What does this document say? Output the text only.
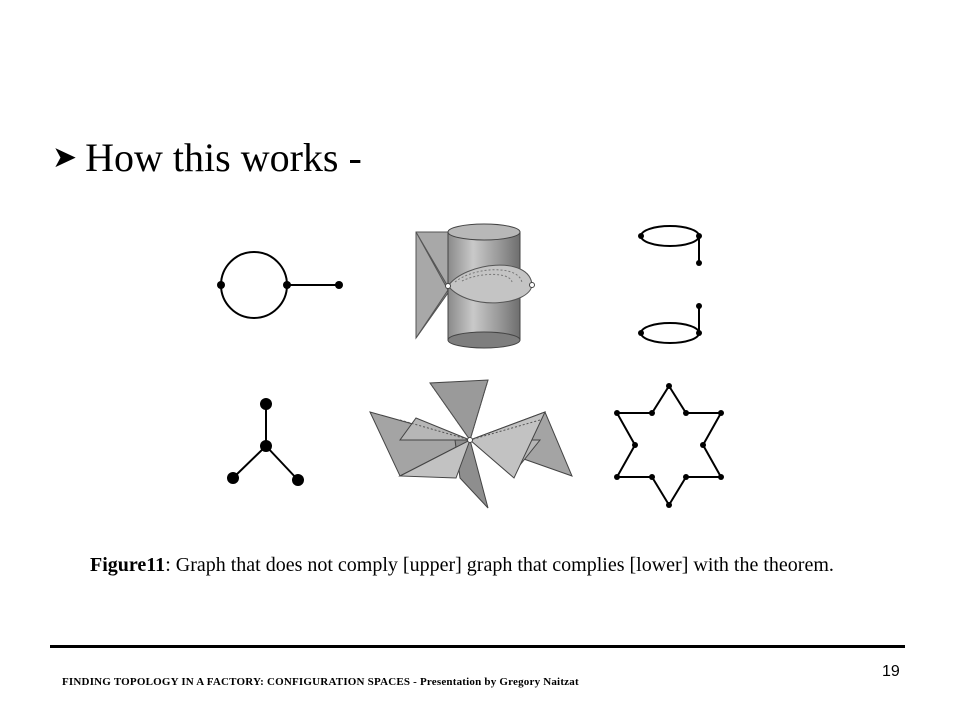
➤ How this works -
Figure11: Graph that does not comply [upper] graph that complies [lower] with the theorem.
FINDING TOPOLOGY IN A FACTORY: CONFIGURATION SPACES - Presentation by Gregory Naitzat
19
